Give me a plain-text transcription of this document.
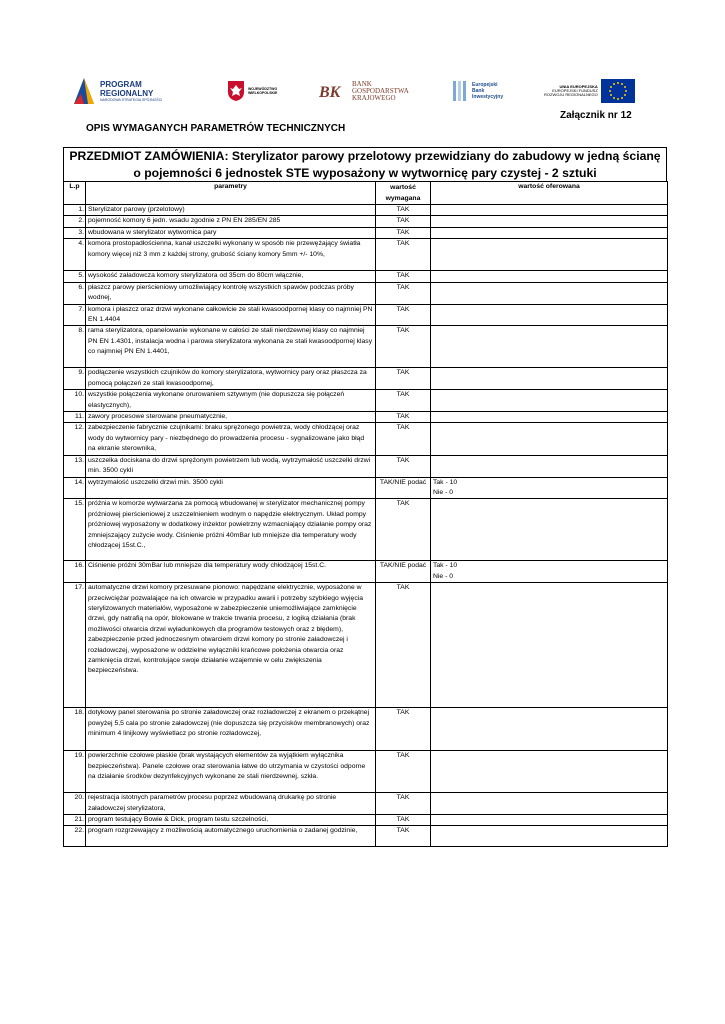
PROGRAM
REGIONALNY
NARODOWA STRATEGIA SPÓJNOŚCI
WOJEWÓDZTWO
WIELKOPOLSKIE	BK
BANK
GOSPODARSTWA
KRAJOWEGO
Europejski
Bank
Inwestycyjny
UNIA EUROPEJSKA
EUROPEJSKI FUNDUSZ
ROZWOJU REGIONALNEGO
Załącznik nr 12
OPIS WYMAGANYCH PARAMETRÓW TECHNICZNYCH
PRZEDMIOT ZAMÓWIENIA: Sterylizator parowy przelotowy przewidziany do zabudowy w jedną ścianę o pojemności 6 jednostek STE wyposażony w wytwornicę pary czystej - 2 sztuki
L.p	parametry	wartość wymagana	wartość oferowana
1.	Sterylizator parowy (przelotowy)	TAK	
2.	pojemność komory 6 jedn. wsadu zgodnie z PN EN 285/EN 285	TAK	
3.	wbudowana w sterylizator wytwornica pary	TAK	
4.	komora prostopadłościenna, kanał uszczelki wykonany w sposób nie przewężający światła komory więcej niż 3 mm z każdej strony, grubość ściany komory 5mm +/- 10%,	TAK	
5.	wysokość załadowcza komory sterylizatora od 35cm do 80cm włącznie,	TAK	
6.	płaszcz parowy pierścieniowy umożliwiający kontrolę wszystkich spawów podczas próby wodnej,	TAK	
7.	komora i płaszcz oraz drzwi wykonane całkowicie ze stali kwasoodpornej klasy co najmniej PN EN 1.4404	TAK	
8.	rama sterylizatora, opanelowanie wykonane w całości ze stali nierdzewnej klasy co najmniej PN EN 1.4301, instalacja wodna i parowa sterylizatora wykonana ze stali kwasoodpornej klasy co najmniej PN EN 1.4401,	TAK	
9.	podłączenie wszystkich czujników do komory sterylizatora, wytwornicy pary oraz płaszcza za pomocą połączeń ze stali kwasoodpornej,	TAK	
10.	wszystkie połączenia wykonane orurowaniem sztywnym (nie dopuszcza się połączeń elastycznych),	TAK	
11.	zawory procesowe sterowane pneumatycznie,	TAK	
12.	zabezpieczenie fabrycznie czujnikami: braku sprężonego powietrza, wody chłodzącej oraz wody do wytwornicy pary - niezbędnego do prowadzenia procesu - sygnalizowane jako błąd na ekranie sterownika,	TAK	
13.	uszczelka dociskana do drzwi sprężonym powietrzem lub wodą, wytrzymałość uszczelki drzwi min. 3500 cykli	TAK	
14.	wytrzymałość uszczelki drzwi min. 3500 cykli	TAK/NIE podać	Tak - 10
Nie - 0
15.	próżnia w komorze wytwarzana za pomocą wbudowanej w sterylizator mechanicznej pompy próżniowej pierścieniowej z uszczelnieniem wodnym o napędzie elektrycznym. Układ pompy próżniowej wyposażony w dodatkowy inżektor powietrzny wzmacniający działanie pompy oraz zmniejszający zużycie wody. Ciśnienie próżni 40mBar lub mniejsze dla temperatury wody chłodzącej 15st.C.,	TAK	
16.	Ciśnienie próżni 30mBar lub mniejsze dla temperatury wody chłodzącej 15st.C.	TAK/NIE podać	Tak - 10
Nie - 0
17.	automatyczne drzwi komory przesuwane pionowo: napędzane elektrycznie, wyposażone w przeciwciężar pozwalające na ich otwarcie w przypadku awarii i potrzeby szybkiego wyjęcia sterylizowanych materiałów, wyposażone w zabezpieczenie uniemożliwiające zamknięcie drzwi, gdy natrafią na opór, blokowane w trakcie trwania procesu, z logiką działania (brak możliwości otwarcia drzwi wyładunkowych dla programów testowych oraz z błędem), zabezpieczenie przed jednoczesnym otwarciem drzwi komory po stronie załadowczej i rozładowczej, wyposażone w oddzielne wyłączniki krańcowe położenia otwarcia oraz zamknięcia drzwi, kontrolujące swoje działanie wzajemnie w celu zwiększenia bezpieczeństwa.	TAK	
18.	dotykowy panel sterowania po stronie załadowczej oraz rozładowczej z ekranem o przekątnej powyżej 5,5 cala po stronie załadowczej (nie dopuszcza się przycisków membranowych) oraz minimum 4 linijkowy wyświetlacz po stronie rozładowczej,	TAK	
19.	powierzchnie czołowe płaskie (brak wystających elementów za wyjątkiem wyłącznika bezpieczeństwa). Panele czołowe oraz sterowania łatwe do utrzymania w czystości odporne na działanie środków dezynfekcyjnych wykonane ze stali nierdzewnej, szkła.	TAK	
20.	rejestracja istotnych parametrów procesu poprzez wbudowaną drukarkę po stronie załadowczej sterylizatora,	TAK	
21.	program testujący Bowie & Dick, program testu szczelności,	TAK	
22.	program rozgrzewający z możliwością automatycznego uruchomienia o zadanej godzinie,	TAK	
